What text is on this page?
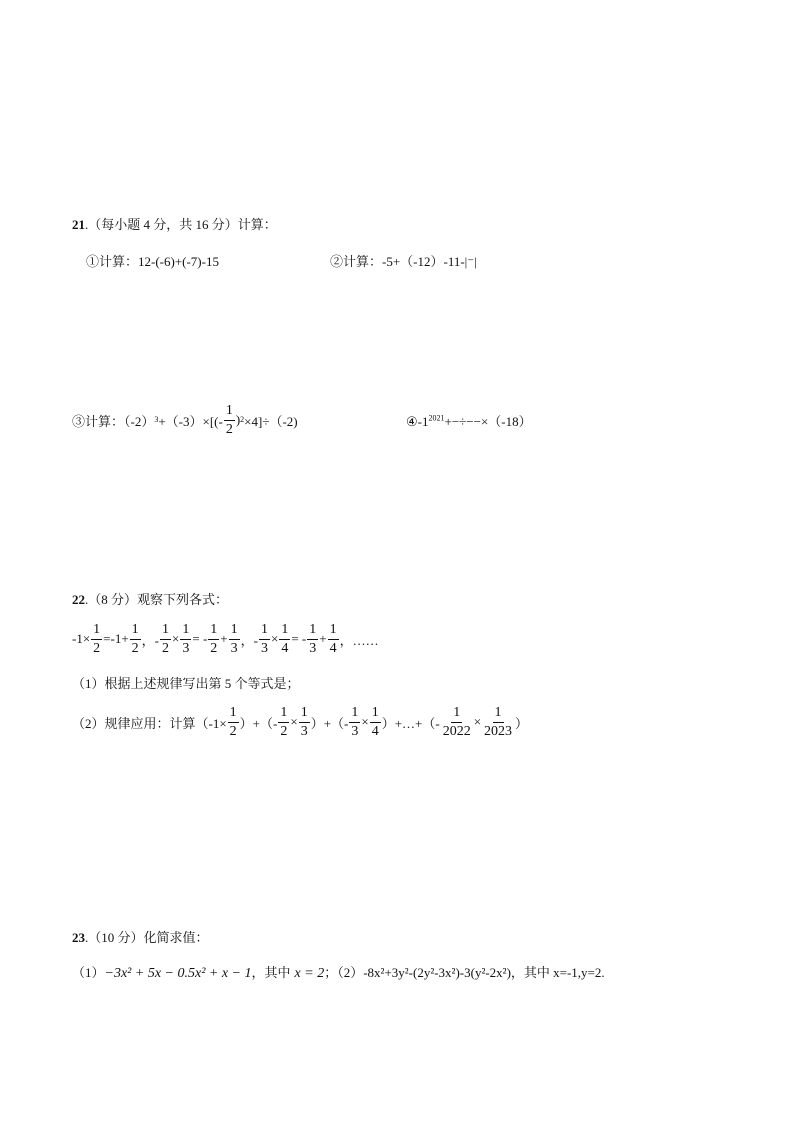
21.（每小题 4 分，共 16 分）计算：
①计算：12-(-6)+(-7)-15	②计算：-5+（-12）-11-|⁻|
③计算：（-2） $3 +(-3)\times[(- \frac{1}{2}$ ) 2 ×4]÷（-2)	$④-1^{2021}+-\div--\times(-18)$
22.（8 分）观察下列各式：
$-1\times \frac{1}{2} =-1+ \frac{1}{2}$ ，- $\frac{1}{2} \times \frac{1}{3}$ = - $\frac{1}{2} + \frac{1}{3}$ ，- $\frac{1}{3} \times \frac{1}{4}$ = - $\frac{1}{3} + \frac{1}{4}$ ，……
（1）根据上述规律写出第 5 个等式是；
（2）规律应用：计算（$-1\times \frac{1}{2}$ ）+（- $\frac{1}{2} \times \frac{1}{3}$ ）+（- $\frac{1}{3} \times \frac{1}{4}$ ）+…+（- $\frac{1}{2022} \times \frac{1}{2023}$ ）
23.（10 分）化简求值：
（1）−3x² + 5x − 0.5x² + x − 1，其中 x = 2；（2）-8x²+3y²-(2y²-3x²)-3(y²-2x²)，其中 x=-1,y=2.
